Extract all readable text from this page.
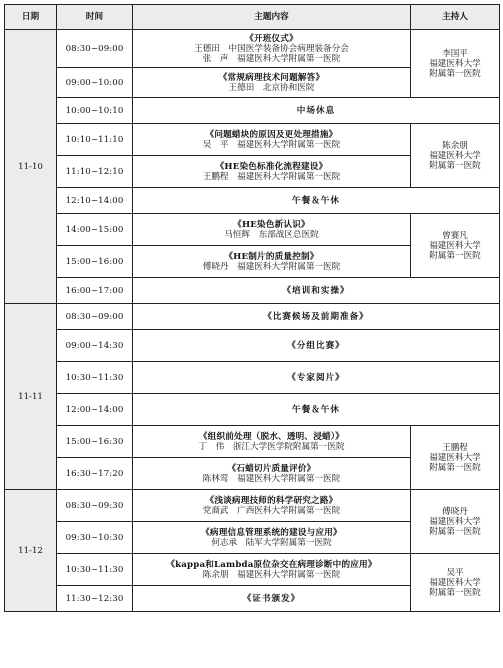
日期	时间	主题内容	主持人
11-10	08:30~09:00	《开班仪式》
王德田　中国医学装备协会病理装备分会
张　声　福建医科大学附属第一医院	李国平
福建医科大学
附属第一医院

	09:00~10:00	《常规病理技术问题解答》
王德田　北京协和医院	

	10:00~10:10	中场休息	
	10:10~11:10	《问题蜡块的原因及更处理措施》
吴　平　福建医科大学附属第一医院	陈余朋
福建医科大学
附属第一医院

	11:10~12:10	《HE染色标准化流程建设》
王鹏程　福建医科大学附属第一医院	

	12:10~14:00	午餐＆午休	
	14:00~15:00	《HE染色新认识》
马恒辉　东部战区总医院	曾赛凡
福建医科大学
附属第一医院

	15:00~16:00	《HE制片的质量控制》
傅晓丹　福建医科大学附属第一医院	

	16:00~17:00	《培训和实操》	
11-11	08:30~09:00	《比赛候场及前期准备》	
	09:00~14:30	《分组比赛》	
	10:30~11:30	《专家阅片》	
	12:00~14:00	午餐＆午休	
	15:00~16:30	《组织前处理（脱水、透明、浸蜡）》
丁　伟　浙江大学医学院附属第一医院	王鹏程
福建医科大学
附属第一医院

	16:30~17:20	《石蜡切片质量评价》
陈林莺　福建医科大学附属第一医院	

11-12	08:30~09:30	《浅谈病理技师的科学研究之路》
党裔武　广西医科大学附属第一医院	傅晓丹
福建医科大学
附属第一医院

	09:30~10:30	《病理信息管理系统的建设与应用》
何志承　陆军大学附属第一医院	

	10:30~11:30	《kappa和Lambda原位杂交在病理诊断中的应用》
陈余朋　福建医科大学附属第一医院	吴平
福建医科大学
附属第一医院

	11:30~12:30	《证书颁发》	
